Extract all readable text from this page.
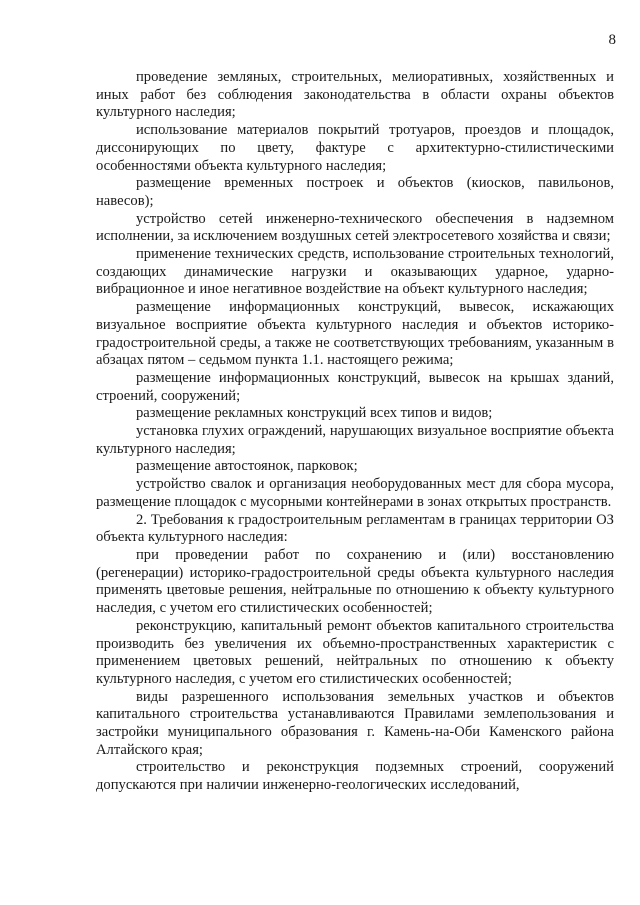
8

проведение земляных, строительных, мелиоративных, хозяйственных и иных работ без соблюдения законодательства в области охраны объектов культурного наследия;

использование материалов покрытий тротуаров, проездов и площадок, диссонирующих по цвету, фактуре с архитектурно-стилистическими особенностями объекта культурного наследия;

размещение временных построек и объектов (киосков, павильонов, навесов);

устройство сетей инженерно-технического обеспечения в надземном исполнении, за исключением воздушных сетей электросетевого хозяйства и связи;

применение технических средств, использование строительных технологий, создающих динамические нагрузки и оказывающих ударное, ударно-вибрационное и иное негативное воздействие на объект культурного наследия;

размещение информационных конструкций, вывесок, искажающих визуальное восприятие объекта культурного наследия и объектов историко-градостроительной среды, а также не соответствующих требованиям, указанным в абзацах пятом – седьмом пункта 1.1. настоящего режима;

размещение информационных конструкций, вывесок на крышах зданий, строений, сооружений;

размещение рекламных конструкций всех типов и видов;

установка глухих ограждений, нарушающих визуальное восприятие объекта культурного наследия;

размещение автостоянок, парковок;

устройство свалок и организация необорудованных мест для сбора мусора, размещение площадок с мусорными контейнерами в зонах открытых пространств.

2. Требования к градостроительным регламентам в границах территории ОЗ объекта культурного наследия:

при проведении работ по сохранению и (или) восстановлению (регенерации) историко-градостроительной среды объекта культурного наследия применять цветовые решения, нейтральные по отношению к объекту культурного наследия, с учетом его стилистических особенностей;

реконструкцию, капитальный ремонт объектов капитального строительства производить без увеличения их объемно-пространственных характеристик с применением цветовых решений, нейтральных по отношению к объекту культурного наследия, с учетом его стилистических особенностей;

виды разрешенного использования земельных участков и объектов капитального строительства устанавливаются Правилами землепользования и застройки муниципального образования г. Камень-на-Оби Каменского района Алтайского края;

строительство и реконструкция подземных строений, сооружений допускаются при наличии инженерно-геологических исследований,
